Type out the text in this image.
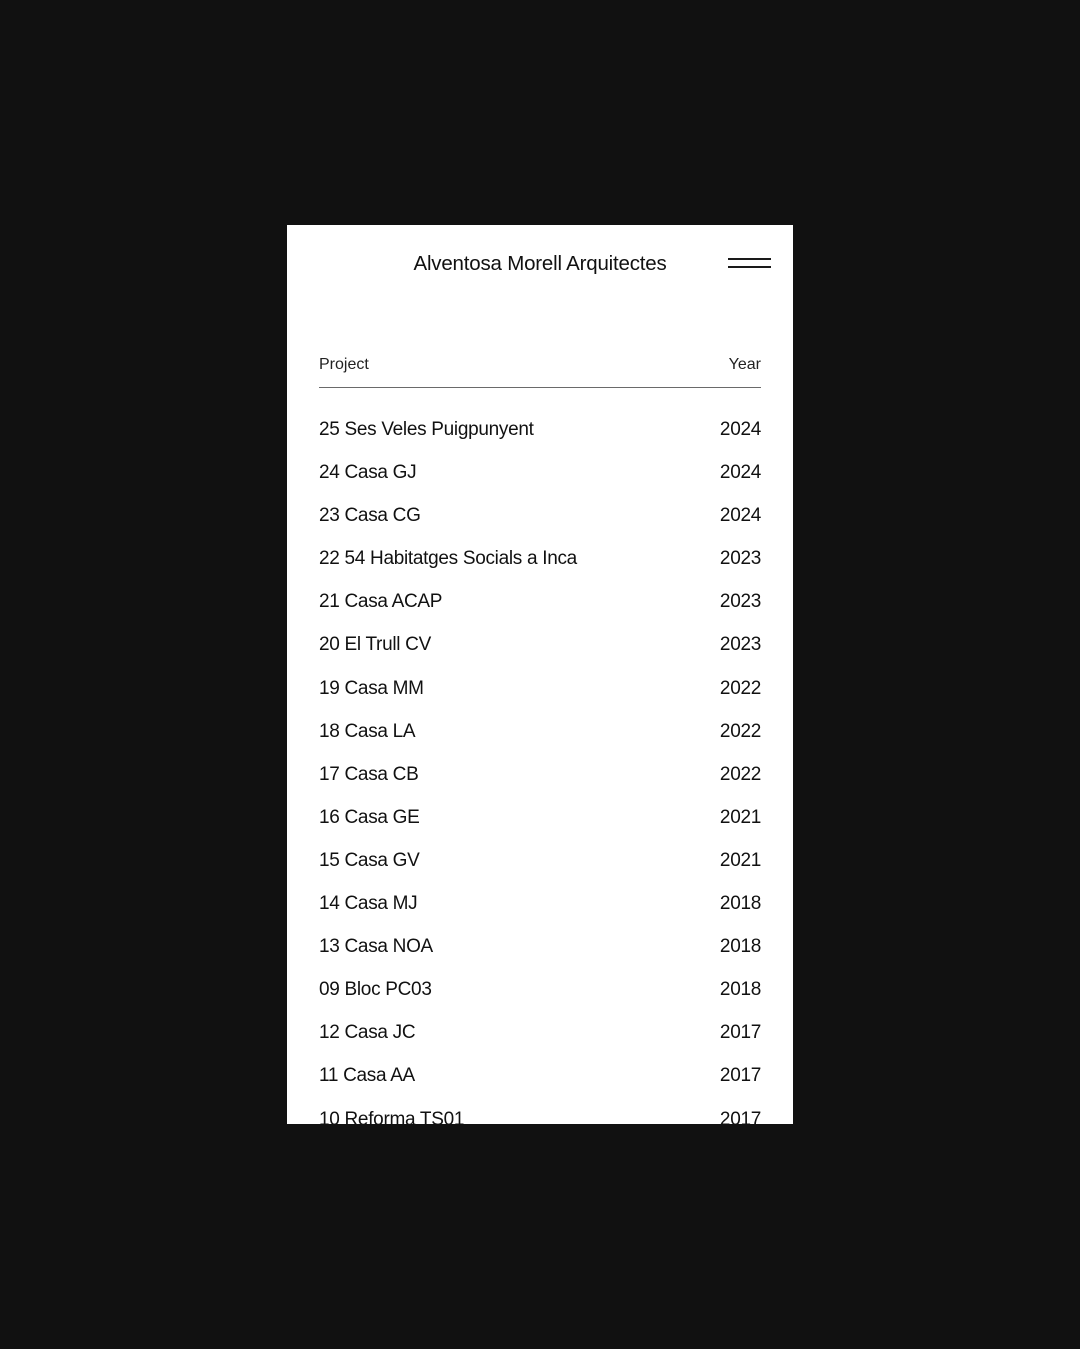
Alventosa Morell Arquitectes
Project	Year
25 Ses Veles Puigpunyent	2024
24 Casa GJ	2024
23 Casa CG	2024
22 54 Habitatges Socials a Inca	2023
21 Casa ACAP	2023
20 El Trull CV	2023
19 Casa MM	2022
18 Casa LA	2022
17 Casa CB	2022
16 Casa GE	2021
15 Casa GV	2021
14 Casa MJ	2018
13 Casa NOA	2018
09 Bloc PC03	2018
12 Casa JC	2017
11 Casa AA	2017
10 Reforma TS01	2017
